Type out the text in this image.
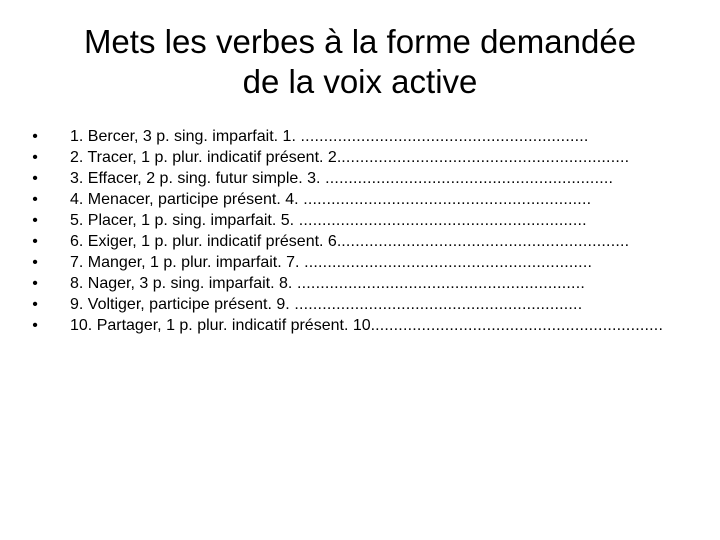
Mets les verbes à la forme demandée
de la voix active
• 1. Bercer, 3 p. sing. imparfait. 1. ..............................................................
• 2. Tracer, 1 p. plur. indicatif présent. 2...............................................................
• 3. Effacer, 2 p. sing. futur simple. 3. ..............................................................
• 4. Menacer, participe présent. 4. ..............................................................
• 5. Placer, 1 p. sing. imparfait. 5. ..............................................................
• 6. Exiger, 1 p. plur. indicatif présent. 6...............................................................
• 7. Manger, 1 p. plur. imparfait. 7. ..............................................................
• 8. Nager, 3 p. sing. imparfait. 8. ..............................................................
• 9. Voltiger, participe présent. 9. ..............................................................
• 10. Partager, 1 p. plur. indicatif présent. 10...............................................................
